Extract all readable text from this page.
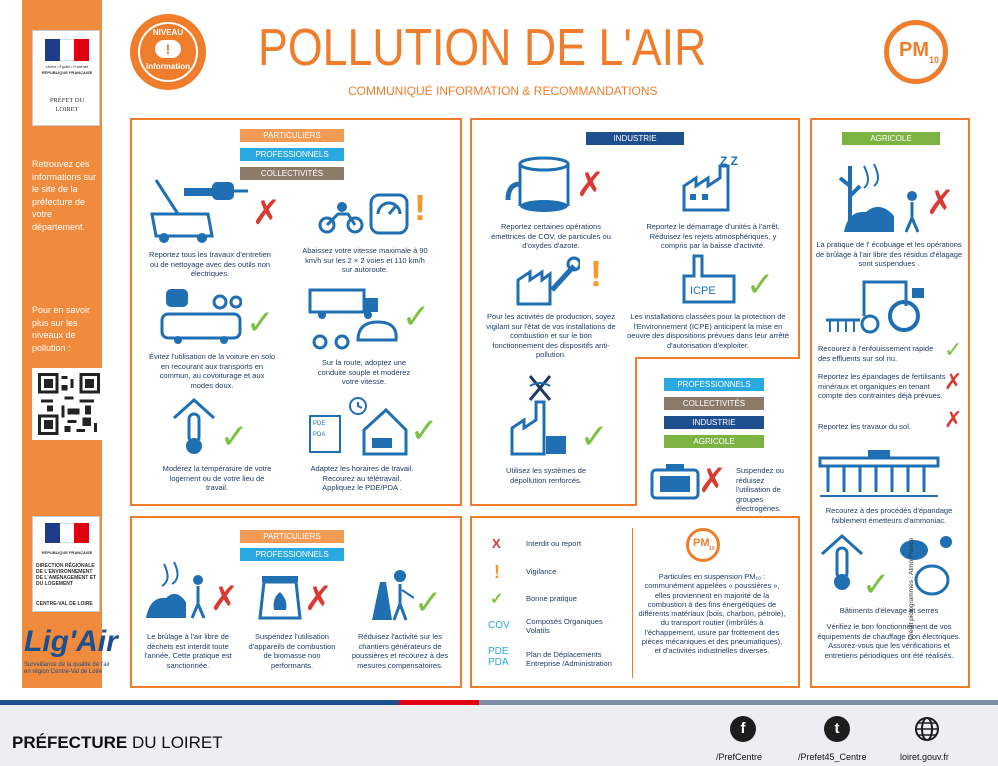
Liberté • Égalité • Fraternité
RÉPUBLIQUE FRANÇAISE
PRÉFET DU
LOIRET
Retrouvez ces informations sur le site de la préfecture de votre département.
Pour en savoir plus sur les niveaux de pollution :
RÉPUBLIQUE FRANÇAISE
DIRECTION RÉGIONALE DE L'ENVIRONNEMENT DE L'AMÉNAGEMENT ET DU LOGEMENT
CENTRE-VAL DE LOIRE
Lig'Air
Surveillance de la qualité de l'air en région Centre-Val de Loire
NIVEAU
!
information	POLLUTION DE L'AIR
COMMUNIQUÉ INFORMATION & RECOMMANDATIONS
PM 10
PARTICULIERS
PROFESSIONNELS
COLLECTIVITÉS
✗
Reportez tous les travaux d'entretien ou de nettoyage avec des outils non électriques.
!
Abaissez votre vitesse maximale à 90 km/h sur les 2 × 2 voies et 110 km/h sur autoroute.
✓
Évitez l'utilisation de la voiture en solo en recourant aux transports en commun, au covoiturage et aux modes doux.
✓
Sur la route, adoptez une conduite souple et modérez votre vitesse.
✓
Modérez la température de votre logement ou de votre lieu de travail.
PDE
PDA ✓
Adaptez les horaires de travail. Recourez au télétravail. Appliquez le PDE/PDA .
PARTICULIERS
PROFESSIONNELS
✗
Le brûlage à l'air libre de déchets est interdit toute l'année. Cette pratique est sanctionnée.
✗
Suspendez l'utilisation d'appareils de combustion de biomasse non performants.
✓
Réduisez l'activité sur les chantiers générateurs de poussières et recourez à des mesures compensatoires.
INDUSTRIE
✗
Reportez certaines opérations émettrices de COV, de particules ou d'oxydes d'azote.
Z Z
Reportez le démarrage d'unités à l'arrêt. Réduisez les rejets atmosphériques, y compris par la baisse d'activité.
!
Pour les activités de production, soyez vigilant sur l'état de vos installations de combustion et sur le bon fonctionnement des dispositifs anti-pollution.
ICPE ✓
Les installations classées pour la protection de l'Environnement (ICPE) anticipent la mise en oeuvre des dispositions prévues dans leur arrêté d'autorisation d'exploiter.
✓
Utilisez les systèmes de dépollution renforcés.
PROFESSIONNELS
COLLECTIVITÉS
INDUSTRIE
AGRICOLE
✗ Suspendez ou réduisez l'utilisation de groupes électrogènes.
X	Interdit ou report
!	Vigilance
✓	Bonne pratique
COV Composés Organiques Volatils
PDE PDA
Plan de Déplacements Entreprise /Administration
PM 10
Particules en suspension PM₁₀ : communément appelées « poussières », elles proviennent en majorité de la combustion à des fins énergétiques de différents matériaux (bois, charbon, pétrole), du transport routier (imbrûlés à l'échappement, usure par frottement des pièces mécaniques et des pneumatiques), et d'activités industrielles diverses.
AGRICOLE
✗
La pratique de l' écobuage et les opérations de brûlage à l'air libre des résidus d'élagage sont suspendues .
Recourez à l'enfouissement rapide des effluents sur sol nu.	✓
Reportez les épandages de fertilisants minéraux et organiques en tenant compte des contraintes déjà prévues.
✗
Reportez les travaux du sol.	✗
Recourez à des procédés d'épandage faiblement émetteurs d'ammoniac.
✓
Bâtiments d'élevage et serres
Vérifiez le bon fonctionnement de vos équipements de chauffage non électriques. Assurez-vous que les vérifications et entretiens périodiques ont été réalisés.
Crédit pictogrammes : Atmo France
PRÉFECTURE DU LOIRET
f
/PrefCentre
t
/Prefet45_Centre	loiret.gouv.fr
